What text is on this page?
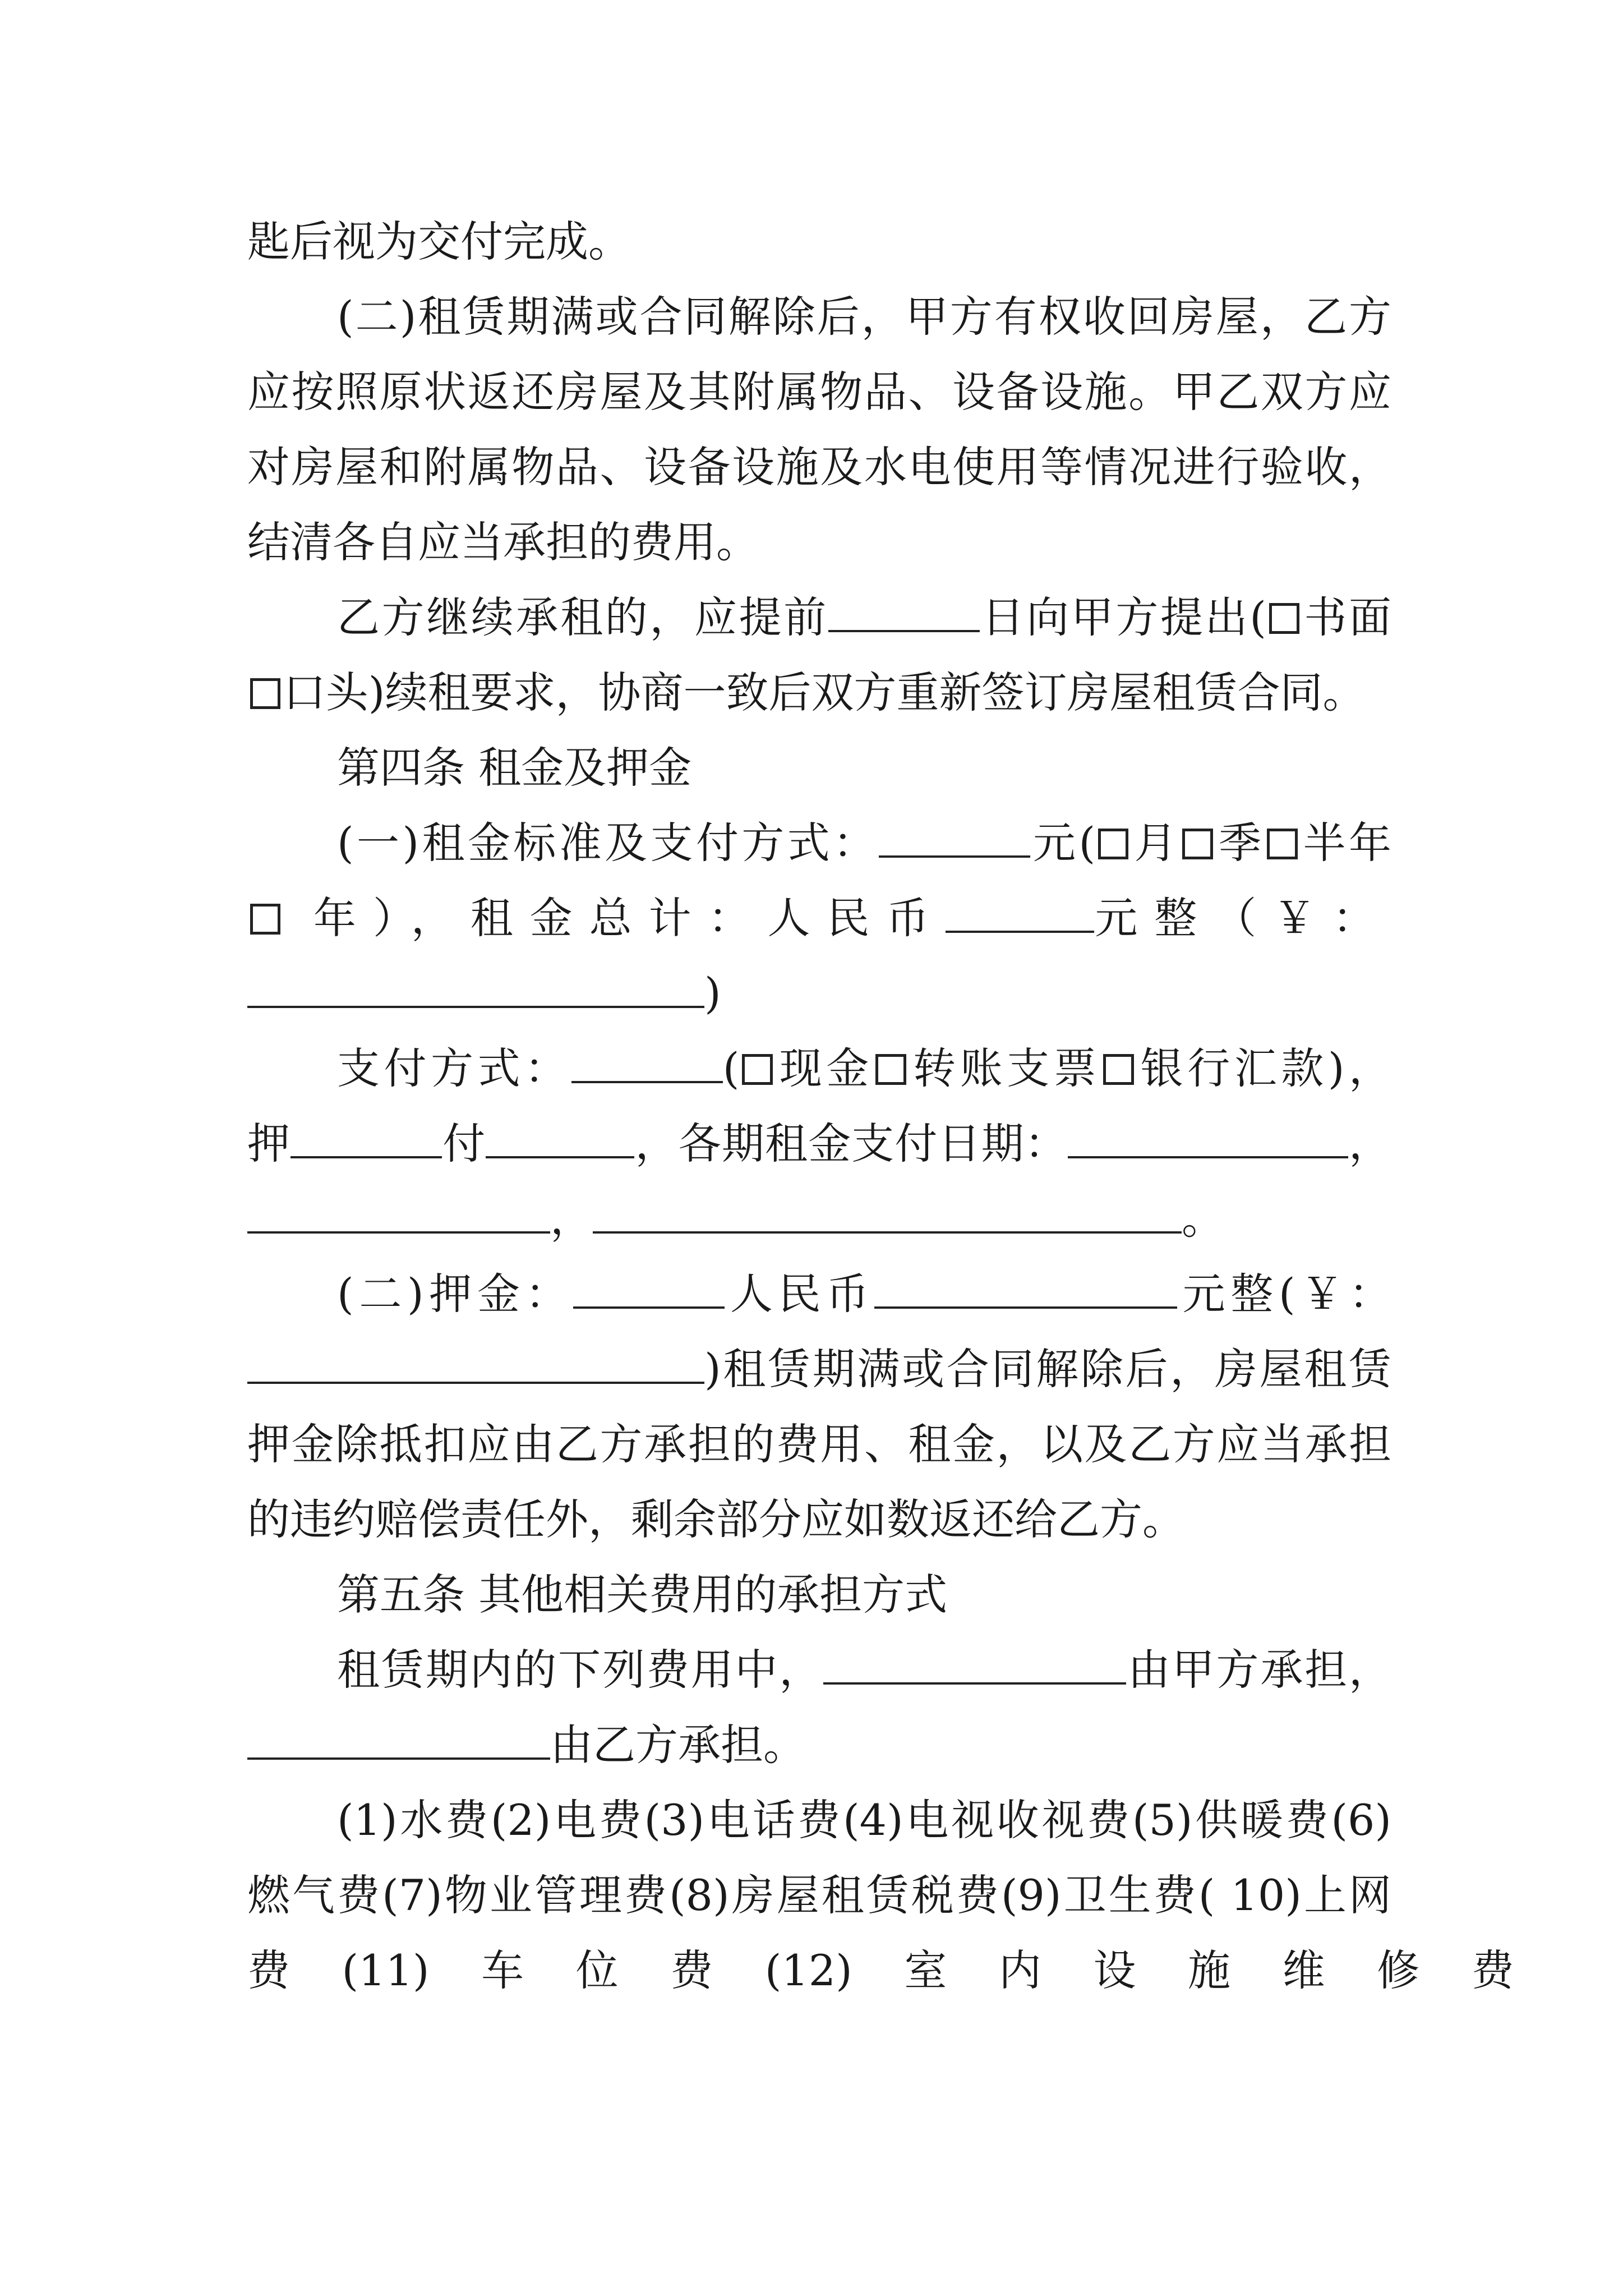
匙后视为交付完成。

(二)租赁期满或合同解除后，甲方有权收回房屋，乙方

应按照原状返还房屋及其附属物品、设备设施。甲乙双方应

对房屋和附属物品、设备设施及水电使用等情况进行验收，

结清各自应当承担的费用。

乙方继续承租的，应提前	日向甲方提出( 书面

口头)续租要求，协商一致后双方重新签订房屋租赁合同。

第四条 租金及押金

(一)租金标准及支付方式：	元( 月 季 半年

年），租金总计：人民币	元整（￥：

)

支付方式：	( 现金 转账支票 银行汇款)，

押	付	，各期租金支付日期：	，

，	。

(二)押金：	人民币	元整(￥：

)租赁期满或合同解除后，房屋租赁

押金除抵扣应由乙方承担的费用、租金，以及乙方应当承担

的违约赔偿责任外，剩余部分应如数返还给乙方。

第五条 其他相关费用的承担方式

租赁期内的下列费用中，	由甲方承担，

由乙方承担。

(1)水费(2)电费(3)电话费(4)电视收视费(5)供暖费(6)

燃气费(7)物业管理费(8)房屋租赁税费(9)卫生费( 10)上网

费 (11) 车 位 费 (12) 室 内 设 施 维 修 费
